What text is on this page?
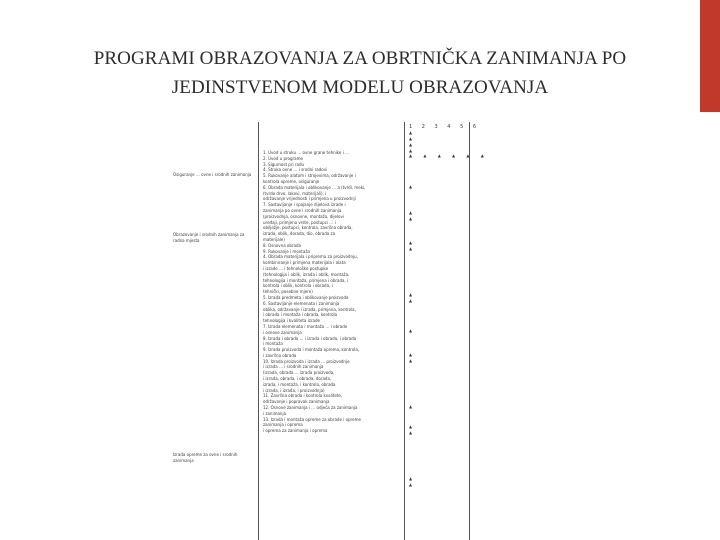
PROGRAMI OBRAZOVANJA ZA OBRTNIČKA ZANIMANJA PO JEDINSTVENOM MODELU OBRAZOVANJA
Osiguranje … ovne i srodnih zanimanja
Obrazovanje i srodnih zanimanja za radna mjesta
Izrada opreme za ovne i srodnih zanimanja
1. Uvod u struku … ovne grane tehnike i …
2. Uvod u programe
3. Sigurnost pri radu
4. Struka ovne … i srodni radovi
5. Rukovanje alatom i strojevima, održavanje i
kontrola opreme, osiguranje
6. Obrada materijala i oblikovanje … a (tvrdi, meki,
(tvrdo drvo, lakovi, materijali), i
održavanje vrijednosti i primjena u proizvodnji
7. Sastavljanje i spajanje dijelova izrade i
zanimanja po ovne i srodnih zanimanja
(proizvodnja, osnovne, montaža, dijelovi
uređaji, primjena vrste, postupci … i
obilježje, postupci, kontrola, završna obrada,
izrada, oblik, dorada, dio, obrada za
materijale)
8. Osnovna obrada
9. Rukovanje i montaža
4. Obrada materijala i priprema za proizvodnju,
kombiniranje i primjena materijala i alata
i izrade … i tehnološke postupke
(tehnologija i oblik, izrada i oblik, montaža,
tehnologija i montaža, primjena i obrada, i
kontrola i oblik, kontrola i obrada, i
tehnički, posebne mjere)
5. Izrada predmeta i oblikovanje proizvoda
6. Sastavljanje elemenata i zanimanja
oblika, održavanje i izrada, primjena, kontrola,
i obrada i montaža i obrada, kontrola
tehnologija i kvaliteta izrade
7. Izrada elemenata i montaža … i obrade
i osnove zanimanja
8. Izrada i obrada … i izrada i obrada, i obrada
i montaža
9. Izrada proizvoda i montaža oprema, kontrola,
i završna obrada
10. Izrada proizvoda i izrada … proizvodnje
i izrada … i srodnih zanimanja
(izrada, obrada … izrada proizvoda,
i izrada, obrada, i obrada, dorada,
izrada, i montaža, i kontrola, obrada
i izrada, i izrada, i proizvodnja)
11. Završna obrada i kontrola kvalitete,
održavanje i popravak zanimanja
12. Osnove zanimanja i … odjeća za zanimanja
i zanimanja
13. Izrada i montaža opreme za obrade i opreme
zanimanja i oprema
i oprema za zanimanja i oprema
1 2 3 4 5 6
▲
▲
▲
▲
▲ ▲ ▲ ▲ ▲ ▲
▲
▲
▲
▲
▲
▲
▲
▲
▲
▲
▲
▲
▲
▲
▲
